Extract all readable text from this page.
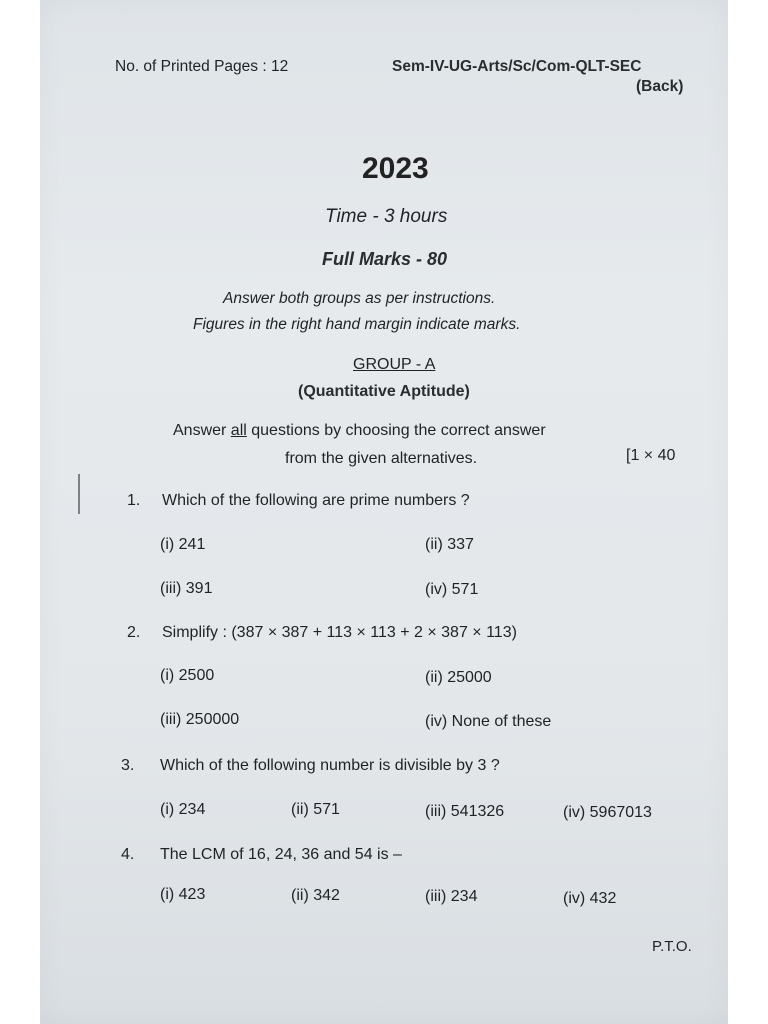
No. of Printed Pages : 12	Sem-IV-UG-Arts/Sc/Com-QLT-SEC
(Back)
2023
Time - 3 hours
Full Marks - 80
Answer both groups as per instructions.
Figures in the right hand margin indicate marks.
GROUP - A
(Quantitative Aptitude)
Answer all questions by choosing the correct answer
from the given alternatives.	[1 × 40
1. Which of the following are prime numbers ?
(i) 241	(ii) 337
(iii) 391	(iv) 571
2. Simplify : (387 × 387 + 113 × 113 + 2 × 387 × 113)
(i) 2500	(ii) 25000
(iii) 250000	(iv) None of these
3. Which of the following number is divisible by 3 ?
(i) 234	(ii) 571	(iii) 541326	(iv) 5967013
4. The LCM of 16, 24, 36 and 54 is –
(i) 423	(ii) 342	(iii) 234	(iv) 432
P.T.O.
